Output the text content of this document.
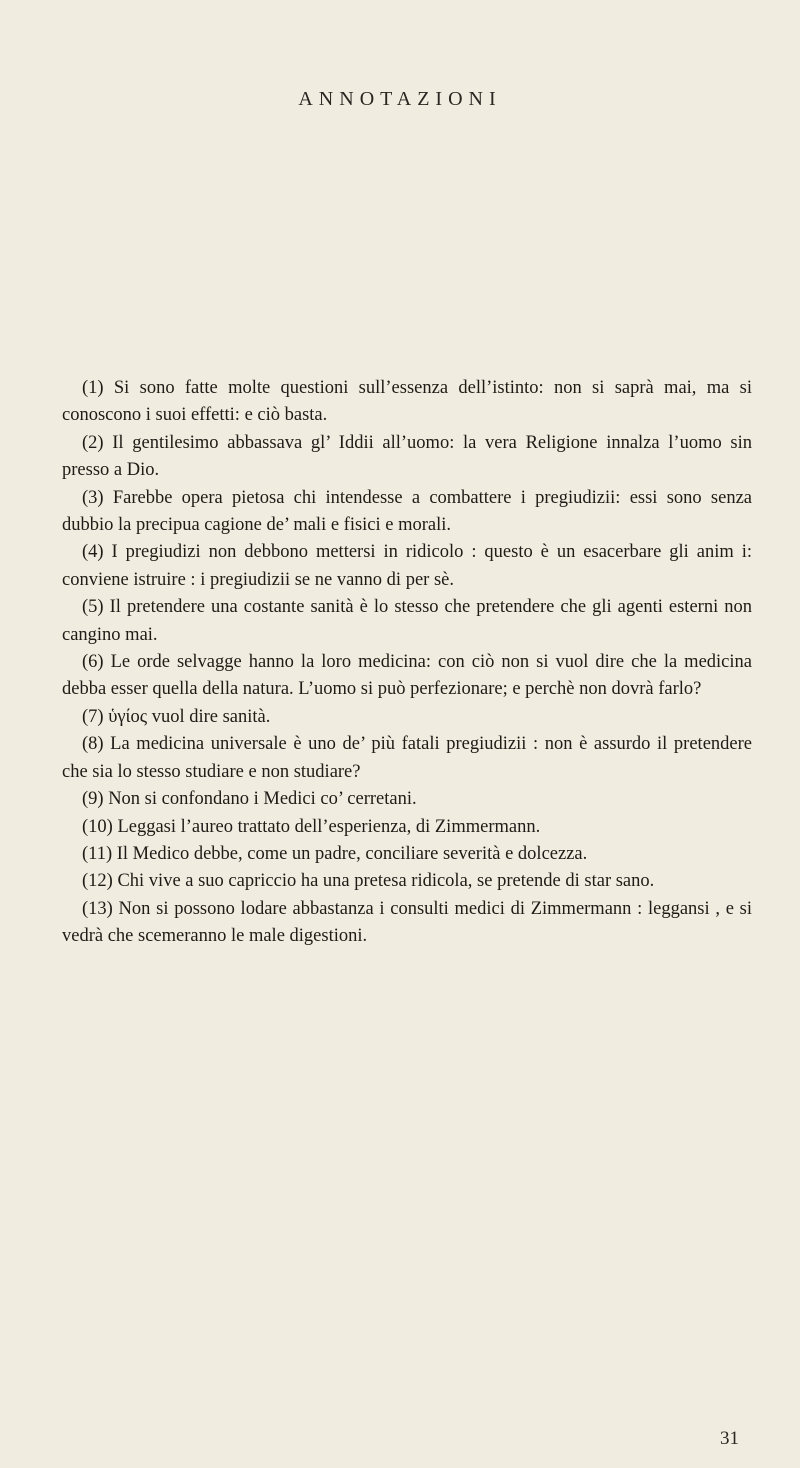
ANNOTAZIONI

(1) Si sono fatte molte questioni sull’essenza dell’istinto: non si saprà mai, ma si conoscono i suoi effetti: e ciò basta.

(2) Il gentilesimo abbassava gl’ Iddii all’uomo: la vera Religione innalza l’uomo sin presso a Dio.

(3) Farebbe opera pietosa chi intendesse a combattere i pregiudizii: essi sono senza dubbio la precipua cagione de’ mali e fisici e morali.

(4) I pregiudizi non debbono mettersi in ridicolo : questo è un esacerbare gli anim i: conviene istruire : i pregiudizii se ne vanno di per sè.

(5) Il pretendere una costante sanità è lo stesso che pretendere che gli agenti esterni non cangino mai.

(6) Le orde selvagge hanno la loro medicina: con ciò non si vuol dire che la medicina debba esser quella della natura. L’uomo si può perfezionare; e perchè non dovrà farlo?

(7) ὑγίος vuol dire sanità.

(8) La medicina universale è uno de’ più fatali pregiudizii : non è assurdo il pretendere che sia lo stesso studiare e non studiare?

(9) Non si confondano i Medici co’ cerretani.

(10) Leggasi l’aureo trattato dell’esperienza, di Zimmermann.

(11) Il Medico debbe, come un padre, conciliare severità e dolcezza.

(12) Chi vive a suo capriccio ha una pretesa ridicola, se pretende di star sano.

(13) Non si possono lodare abbastanza i consulti medici di Zimmermann : leggansi , e si vedrà che scemeranno le male digestioni.

31
